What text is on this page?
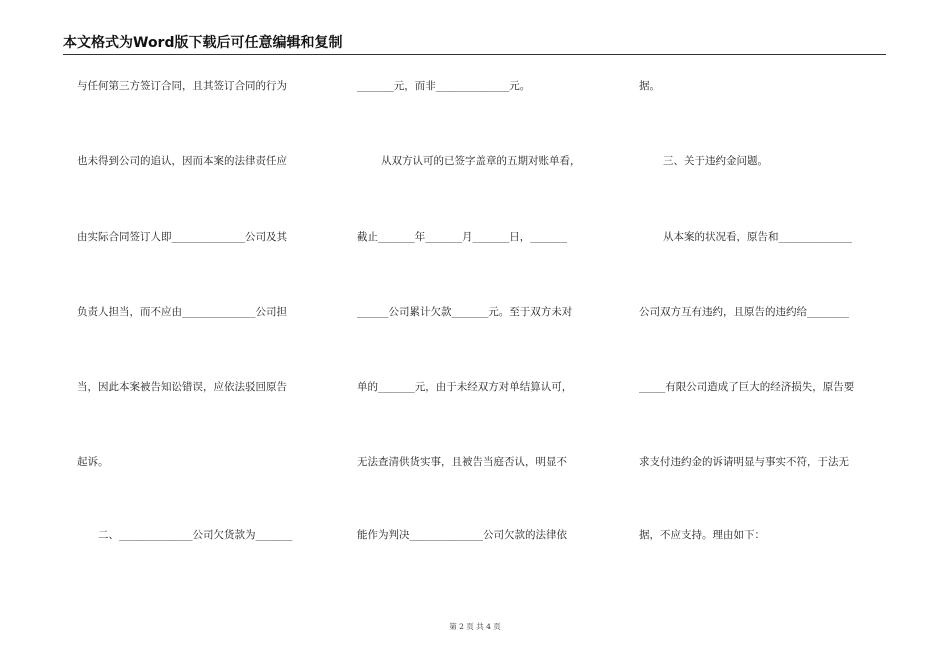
本文格式为Word版下载后可任意编辑和复制
与任何第三方签订合同，且其签订合同的行为
也未得到公司的追认，因而本案的法律责任应
由实际合同签订人即______________公司及其
负责人担当，而不应由______________公司担
当，因此本案被告知讼错误，应依法驳回原告
起诉。
二、______________公司欠货款为_______
_______元，而非______________元。
从双方认可的已签字盖章的五期对账单看，
截止_______年_______月_______日，_______
______公司累计欠款_______元。至于双方未对
单的_______元，由于未经双方对单结算认可，
无法查清供货实事，且被告当庭否认，明显不
能作为判决______________公司欠款的法律依
据。
三、关于违约金问题。
从本案的状况看，原告和______________
公司双方互有违约，且原告的违约给________
_____有限公司造成了巨大的经济损失，原告要
求支付违约金的诉请明显与事实不符，于法无
据，不应支持。理由如下：
第 2 页 共 4 页
